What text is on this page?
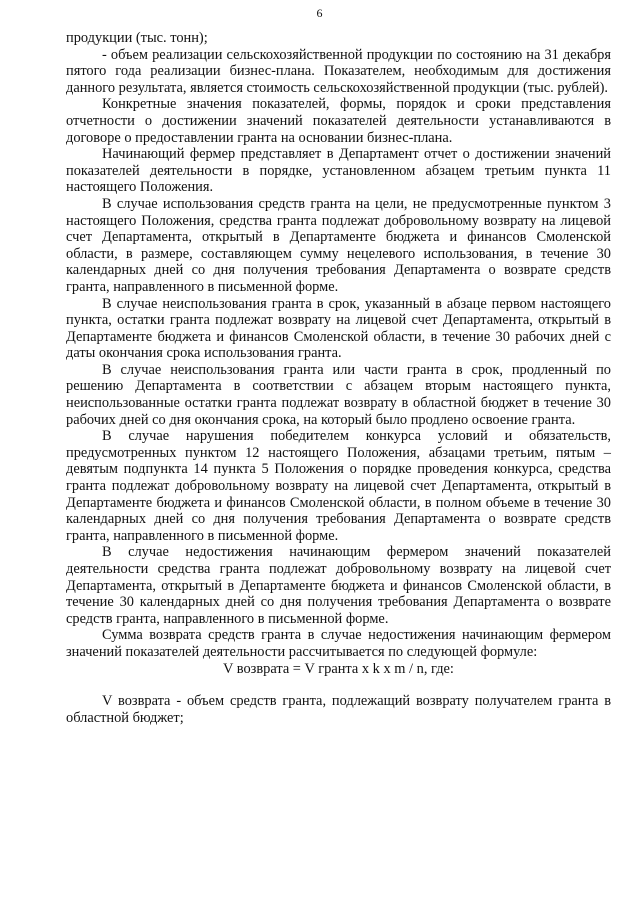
6

продукции (тыс. тонн);

- объем реализации сельскохозяйственной продукции по состоянию на 31 декабря пятого года реализации бизнес-плана. Показателем, необходимым для достижения данного результата, является стоимость сельскохозяйственной продукции (тыс. рублей).

Конкретные значения показателей, формы, порядок и сроки представления отчетности о достижении значений показателей деятельности устанавливаются в договоре о предоставлении гранта на основании бизнес-плана.

Начинающий фермер представляет в Департамент отчет о достижении значений показателей деятельности в порядке, установленном абзацем третьим пункта 11 настоящего Положения.

В случае использования средств гранта на цели, не предусмотренные пунктом 3 настоящего Положения, средства гранта подлежат добровольному возврату на лицевой счет Департамента, открытый в Департаменте бюджета и финансов Смоленской области, в размере, составляющем сумму нецелевого использования, в течение 30 календарных дней со дня получения требования Департамента о возврате средств гранта, направленного в письменной форме.

В случае неиспользования гранта в срок, указанный в абзаце первом настоящего пункта, остатки гранта подлежат возврату на лицевой счет Департамента, открытый в Департаменте бюджета и финансов Смоленской области, в течение 30 рабочих дней с даты окончания срока использования гранта.

В случае неиспользования гранта или части гранта в срок, продленный по решению Департамента в соответствии с абзацем вторым настоящего пункта, неиспользованные остатки гранта подлежат возврату в областной бюджет в течение 30 рабочих дней со дня окончания срока, на который было продлено освоение гранта.

В случае нарушения победителем конкурса условий и обязательств, предусмотренных пунктом 12 настоящего Положения, абзацами третьим, пятым – девятым подпункта 14 пункта 5 Положения о порядке проведения конкурса, средства гранта подлежат добровольному возврату на лицевой счет Департамента, открытый в Департаменте бюджета и финансов Смоленской области, в полном объеме в течение 30 календарных дней со дня получения требования Департамента о возврате средств гранта, направленного в письменной форме.

В случае недостижения начинающим фермером значений показателей деятельности средства гранта подлежат добровольному возврату на лицевой счет Департамента, открытый в Департаменте бюджета и финансов Смоленской области, в течение 30 календарных дней со дня получения требования Департамента о возврате средств гранта, направленного в письменной форме.

Сумма возврата средств гранта в случае недостижения начинающим фермером значений показателей деятельности рассчитывается по следующей формуле:

V возврата = V гранта x k x m / n, где:

V возврата - объем средств гранта, подлежащий возврату получателем гранта в областной бюджет;
